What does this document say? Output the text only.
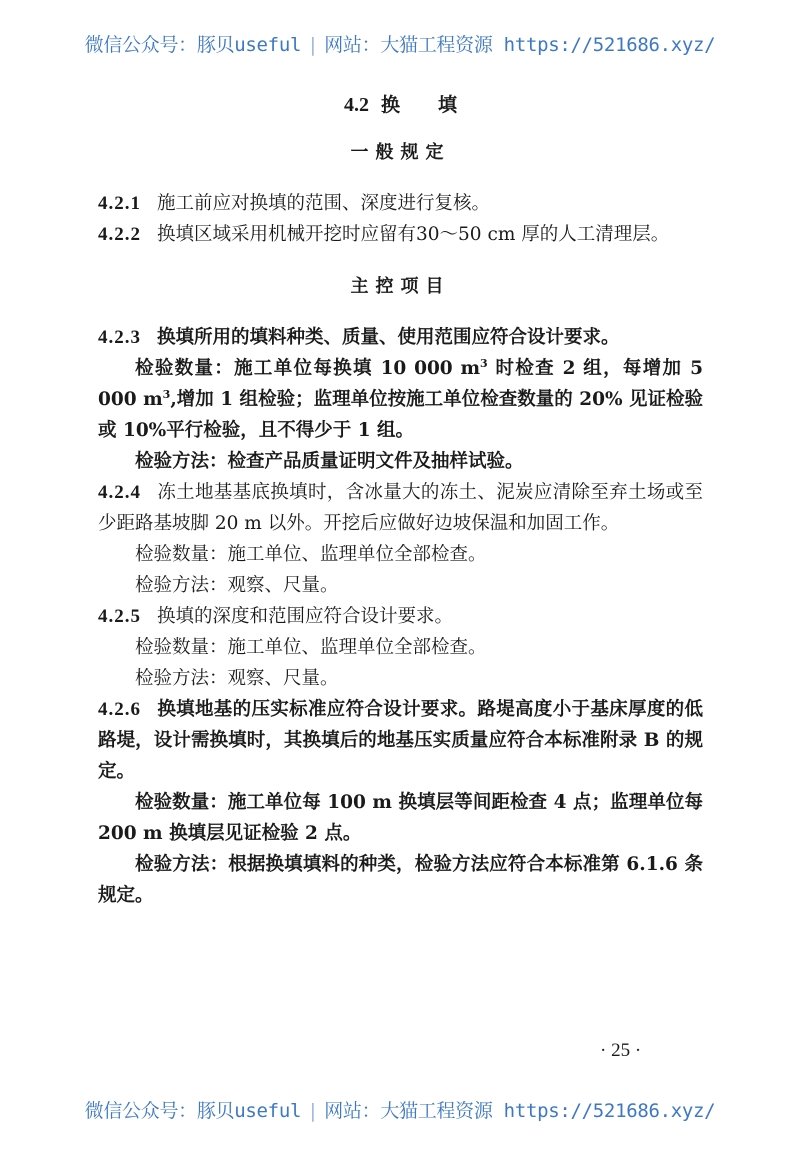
微信公众号：豚贝useful | 网站：大猫工程资源 https://521686.xyz/
4.2 换 填
一般规定

4.2.1 施工前应对换填的范围、深度进行复核。

4.2.2 换填区域采用机械开挖时应留有30～50 cm 厚的人工清理层。

主控项目

4.2.3 换填所用的填料种类、质量、使用范围应符合设计要求。

检验数量：施工单位每换填 10 000 $m^3$ 时检查 2 组，每增加 5 000 $m^3$,增加 1 组检验；监理单位按施工单位检查数量的 20% 见证检验或 10%平行检验，且不得少于 1 组。

检验方法：检查产品质量证明文件及抽样试验。

4.2.4 冻土地基基底换填时，含冰量大的冻土、泥炭应清除至弃土场或至少距路基坡脚 20 m 以外。开挖后应做好边坡保温和加固工作。

检验数量：施工单位、监理单位全部检查。

检验方法：观察、尺量。

4.2.5 换填的深度和范围应符合设计要求。

检验数量：施工单位、监理单位全部检查。

检验方法：观察、尺量。

4.2.6 换填地基的压实标准应符合设计要求。路堤高度小于基床厚度的低路堤，设计需换填时，其换填后的地基压实质量应符合本标准附录 B 的规定。

检验数量：施工单位每 100 m 换填层等间距检查 4 点；监理单位每 200 m 换填层见证检验 2 点。

检验方法：根据换填填料的种类，检验方法应符合本标准第 6.1.6 条规定。

· 25 ·
微信公众号：豚贝useful | 网站：大猫工程资源 https://521686.xyz/
